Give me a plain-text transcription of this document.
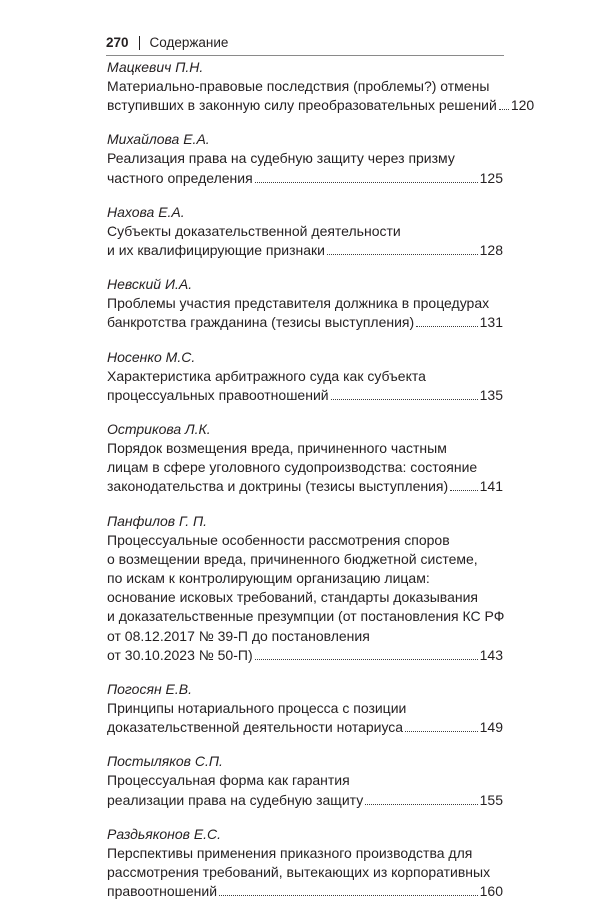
270 Содержание
Мацкевич П.Н.
Материально-правовые последствия (проблемы?) отмены
вступивших в законную силу преобразовательных решений 120
Михайлова Е.А.
Реализация права на судебную защиту через призму
частного определения	125
Нахова Е.А.
Субъекты доказательственной деятельности
и их квалифицирующие признаки	128
Невский И.А.
Проблемы участия представителя должника в процедурах
банкротства гражданина (тезисы выступления)	131
Носенко М.С.
Характеристика арбитражного суда как субъекта
процессуальных правоотношений	135
Острикова Л.К.
Порядок возмещения вреда, причиненного частным
лицам в сфере уголовного судопроизводства: состояние
законодательства и доктрины (тезисы выступления) 141
Панфилов Г. П.
Процессуальные особенности рассмотрения споров
о возмещении вреда, причиненного бюджетной системе,
по искам к контролирующим организацию лицам:
основание исковых требований, стандарты доказывания
и доказательственные презумпции (от постановления КС РФ
от 08.12.2017 № 39-П до постановления
от 30.10.2023 № 50-П)	143
Погосян Е.В.
Принципы нотариального процесса с позиции
доказательственной деятельности нотариуса	149
Постыляков С.П.
Процессуальная форма как гарантия
реализации права на судебную защиту	155
Раздьяконов Е.С.
Перспективы применения приказного производства для
рассмотрения требований, вытекающих из корпоративных
правоотношений	160
